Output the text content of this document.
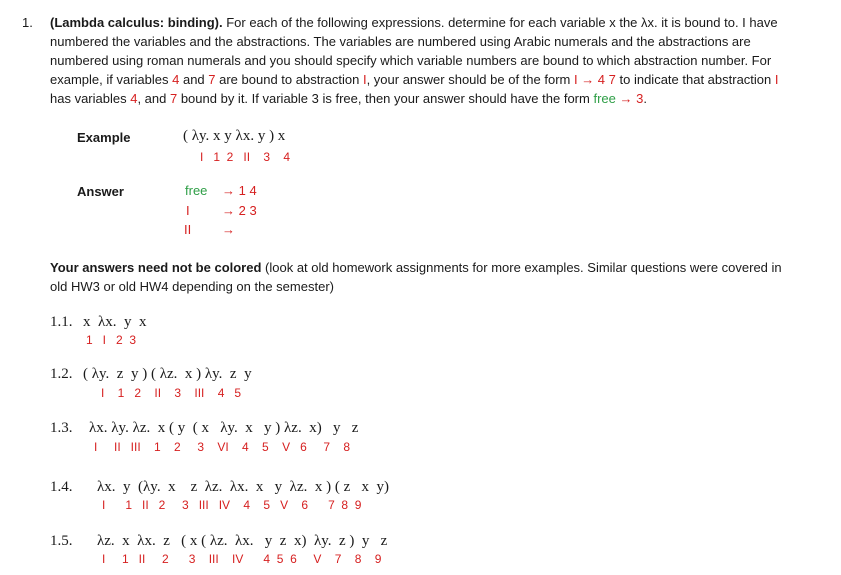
1. (Lambda calculus: binding). For each of the following expressions. determine for each variable x the λx. it is bound to. I have
numbered the variables and the abstractions. The variables are numbered using Arabic numerals and the abstractions are
numbered using roman numerals and you should specify which variable numbers are bound to which abstraction number. For
example, if variables 4 and 7 are bound to abstraction I, your answer should be of the form I → 4 7 to indicate that abstraction I
has variables 4, and 7 bound by it. If variable 3 is free, then your answer should have the form free → 3.
Example	( λy. x y λx. y ) x
I   1  2   II    3    4
Answer	free → 1 4
I → 2 3
II →
Your answers need not be colored (look at old homework assignments for more examples. Similar questions were covered in
old HW3 or old HW4 depending on the semester)
1.1. x  λx.  y  x
1   I   2  3
1.2. ( λy.  z  y ) ( λz.  x ) λy.  z  y
I    1   2    II    3    III    4   5
1.3. λx. λy. λz.  x ( y  ( x   λy.  x   y ) λz.  x)   y   z
I     II   III    1    2     3    VI    4    5    V   6     7    8
1.4. λx.  y  (λy.  x    z  λz.  λx.  x   y  λz.  x ) ( z   x  y)
I      1   II   2     3   III   IV    4    5   V    6      7  8  9
1.5. λz.  x  λx.  z   ( x ( λz.  λx.   y  z  x)  λy.  z )  y   z
I     1   II     2      3    III    IV      4  5  6     V    7    8    9
